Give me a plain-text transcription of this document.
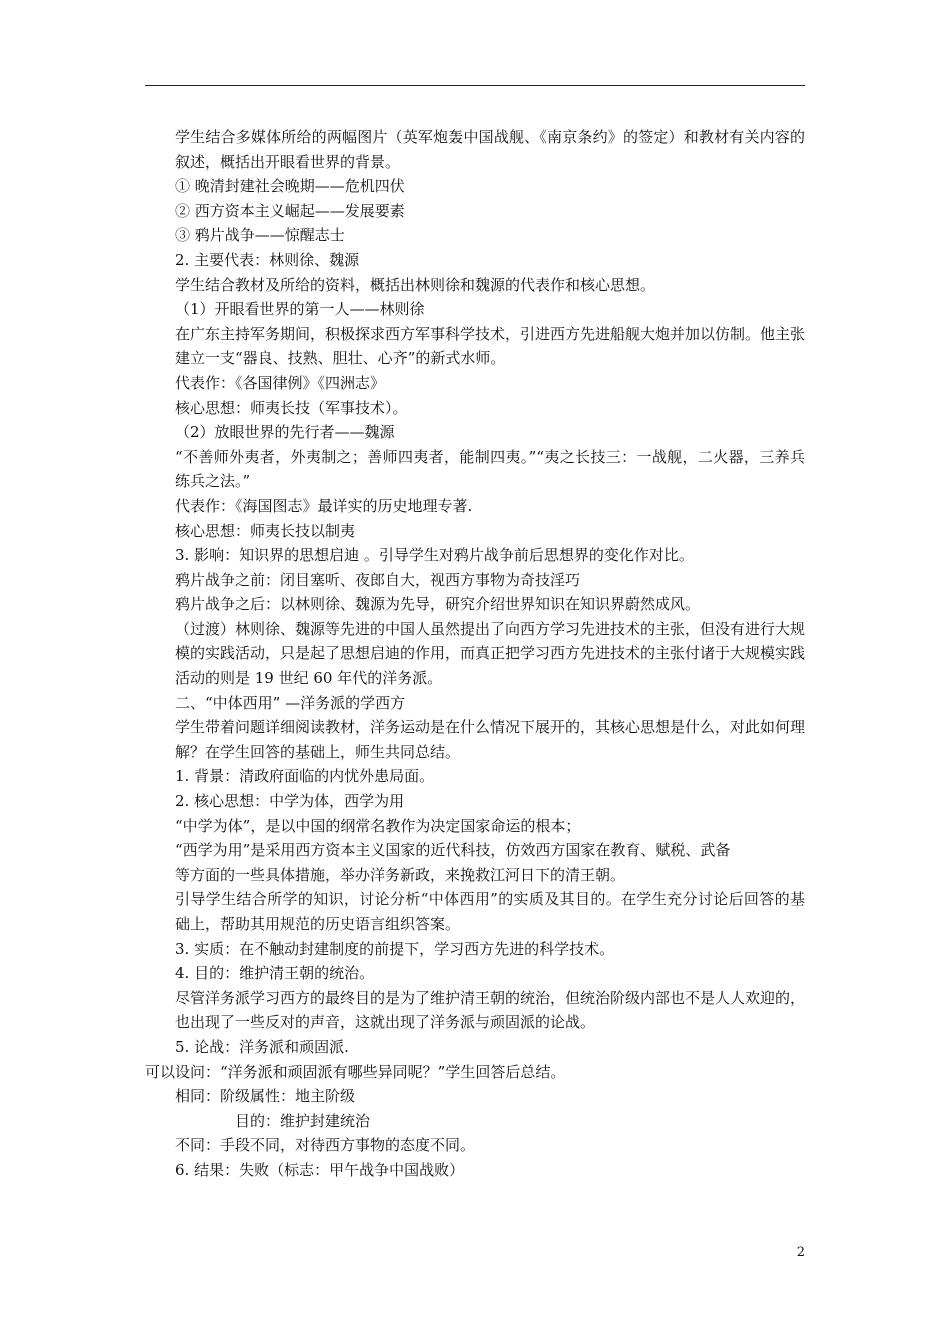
学生结合多媒体所给的两幅图片（英军炮轰中国战舰、《南京条约》的签定）和教材有关内容的叙述，概括出开眼看世界的背景。

① 晚清封建社会晚期——危机四伏

② 西方资本主义崛起——发展要素

③ 鸦片战争——惊醒志士

2. 主要代表：林则徐、魏源

学生结合教材及所给的资料，概括出林则徐和魏源的代表作和核心思想。

（1）开眼看世界的第一人——林则徐

在广东主持军务期间，积极探求西方军事科学技术，引进西方先进船舰大炮并加以仿制。他主张建立一支“器良、技熟、胆壮、心齐”的新式水师。

代表作：《各国律例》《四洲志》

核心思想：师夷长技（军事技术）。

（2）放眼世界的先行者——魏源

“不善师外夷者，外夷制之；善师四夷者，能制四夷。”“夷之长技三：一战舰，二火器，三养兵练兵之法。”

代表作：《海国图志》最详实的历史地理专著.

核心思想：师夷长技以制夷

3. 影响：知识界的思想启迪 。引导学生对鸦片战争前后思想界的变化作对比。

鸦片战争之前：闭目塞听、夜郎自大，视西方事物为奇技淫巧

鸦片战争之后：以林则徐、魏源为先导，研究介绍世界知识在知识界蔚然成风。

（过渡）林则徐、魏源等先进的中国人虽然提出了向西方学习先进技术的主张，但没有进行大规模的实践活动，只是起了思想启迪的作用，而真正把学习西方先进技术的主张付诸于大规模实践活动的则是 19 世纪 60 年代的洋务派。

二、“中体西用” —洋务派的学西方

学生带着问题详细阅读教材，洋务运动是在什么情况下展开的，其核心思想是什么，对此如何理解？在学生回答的基础上，师生共同总结。

1. 背景：清政府面临的内忧外患局面。

2. 核心思想：中学为体，西学为用

“中学为体”，是以中国的纲常名教作为决定国家命运的根本；

“西学为用”是采用西方资本主义国家的近代科技，仿效西方国家在教育、赋税、武备

等方面的一些具体措施，举办洋务新政，来挽救江河日下的清王朝。

引导学生结合所学的知识，讨论分析“中体西用”的实质及其目的。在学生充分讨论后回答的基础上，帮助其用规范的历史语言组织答案。

3. 实质：在不触动封建制度的前提下，学习西方先进的科学技术。

4. 目的：维护清王朝的统治。

尽管洋务派学习西方的最终目的是为了维护清王朝的统治，但统治阶级内部也不是人人欢迎的，也出现了一些反对的声音，这就出现了洋务派与顽固派的论战。

5. 论战：洋务派和顽固派.

可以设问：“洋务派和顽固派有哪些异同呢？”学生回答后总结。

相同：阶级属性：地主阶级

目的：维护封建统治

不同：手段不同，对待西方事物的态度不同。

6. 结果：失败（标志：甲午战争中国战败）

2
